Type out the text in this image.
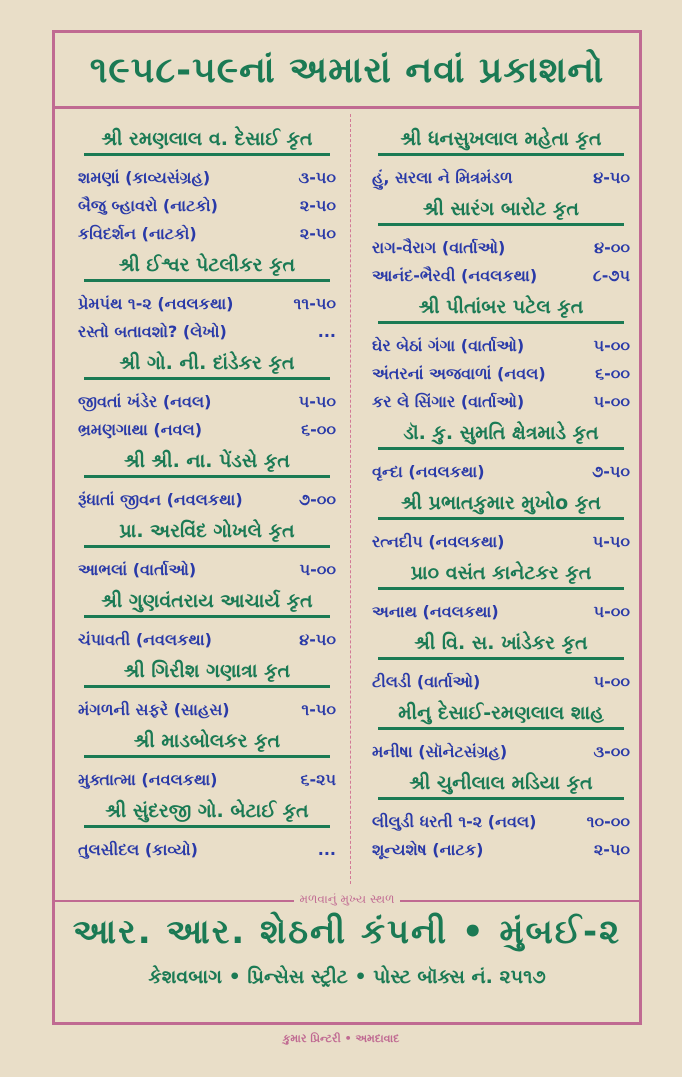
૧૯૫૮-૫૯નાં અમારાં નવાં પ્રકાશનો
શ્રી રમણલાલ વ. દેસાઈ કૃત
શમણાં (કાવ્યસંગ્રહ)	૩-૫૦
બૈજુ બ્હાવરો (નાટકો)	૨-૫૦
કવિદર્શન (નાટકો)	૨-૫૦
શ્રી ઈશ્વર પેટલીકર કૃત
પ્રેમપંથ ૧-૨ (નવલકથા)	૧૧-૫૦
રસ્તો બતાવશો? (લેખો)	...
શ્રી ગો. ની. દાંડેકર કૃત
જીવતાં ખંડેર (નવલ)	૫-૫૦
ભ્રમણગાથા (નવલ)	૬-૦૦
શ્રી શ્રી. ના. પેંડસે કૃત
રૂંધાતાં જીવન (નવલકથા)	૭-૦૦
પ્રા. અરવિંદ ગોખલે કૃત
આભલાં (વાર્તાઓ)	૫-૦૦
શ્રી ગુણવંતરાય આચાર્ય કૃત
ચંપાવતી (નવલકથા)	૪-૫૦
શ્રી ગિરીશ ગણાત્રા કૃત
મંગળની સફરે (સાહસ)	૧-૫૦
શ્રી માડબોલકર કૃત
મુક્તાત્મા (નવલકથા)	૬-૨૫
શ્રી સુંદરજી ગો. બેટાઈ કૃત
તુલસીદલ (કાવ્યો)	...
શ્રી ધનસુખલાલ મહેતા કૃત
હું, સરલા ને મિત્રમંડળ	૪-૫૦
શ્રી સારંગ બારોટ કૃત
રાગ-વૈરાગ (વાર્તાઓ)	૪-૦૦
આનંદ-ભૈરવી (નવલકથા)	૮-૭૫
શ્રી પીતાંબર પટેલ કૃત
ઘેર બેઠાં ગંગા (વાર્તાઓ)	૫-૦૦
અંતરનાં અજવાળાં (નવલ)	૬-૦૦
કર લે સિંગાર (વાર્તાઓ)	૫-૦૦
ડૉ. કુ. સુમતિ ક્ષેત્રમાડે કૃત
વૃન્દા (નવલકથા)	૭-૫૦
શ્રી પ્રભાતકુમાર મુખોo કૃત
રત્નદીપ (નવલકથા)	૫-૫૦
પ્રા૦ વસંત કાનેટકર કૃત
અનાથ (નવલકથા)	૫-૦૦
શ્રી વિ. સ. ખાંડેકર કૃત
ટીલડી (વાર્તાઓ)	૫-૦૦
મીનુ દેસાઈ-રમણલાલ શાહ
મનીષા (સૉનેટસંગ્રહ)	૩-૦૦
શ્રી ચુનીલાલ મડિયા કૃત
લીલુડી ધરતી ૧-૨ (નવલ)	૧૦-૦૦
શૂન્યશેષ (નાટક)	૨-૫૦
મળવાનું મુખ્ય સ્થળ
આર. આર. શેઠની કંપની • મુંબઈ-૨
કેશવબાગ • પ્રિન્સેસ સ્ટ્રીટ • પોસ્ટ બૉક્સ નં. ૨૫૧૭
કુમાર પ્રિન્ટરી • અમદાવાદ
